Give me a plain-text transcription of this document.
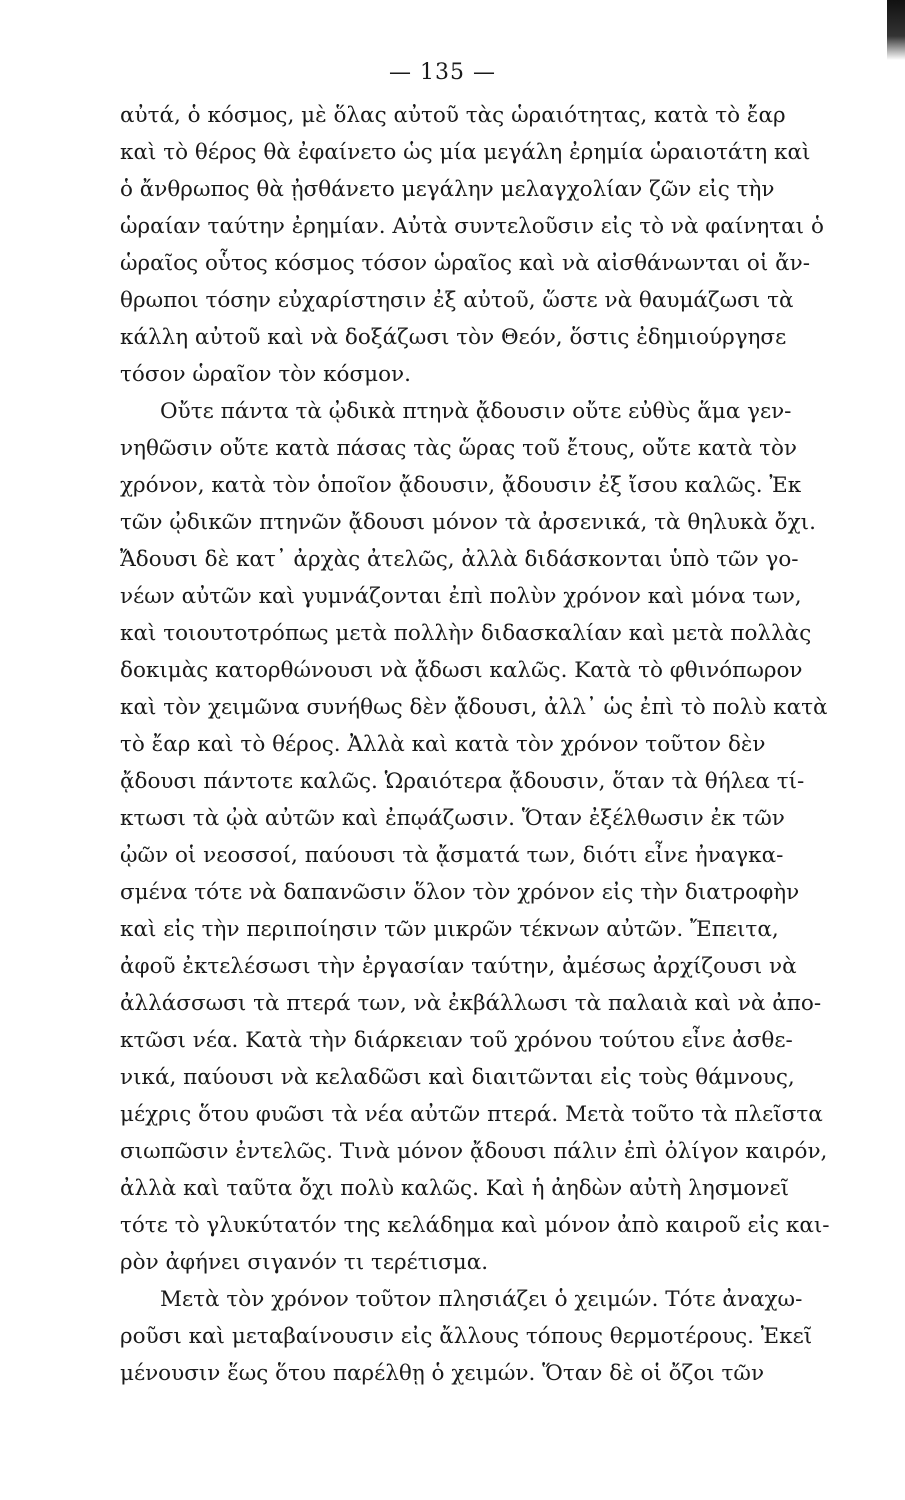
— 135 —
αὐτά, ὁ κόσμος, μὲ ὅλας αὐτοῦ τὰς ὡραιότητας, κατὰ τὸ ἔαρ
καὶ τὸ θέρος θὰ ἐφαίνετο ὡς μία μεγάλη ἐρημία ὡραιοτάτη καὶ
ὁ ἄνθρωπος θὰ ᾐσθάνετο μεγάλην μελαγχολίαν ζῶν εἰς τὴν
ὡραίαν ταύτην ἐρημίαν. Αὐτὰ συντελοῦσιν εἰς τὸ νὰ φαίνηται ὁ
ὡραῖος οὗτος κόσμος τόσον ὡραῖος καὶ νὰ αἰσθάνωνται οἱ ἄν-
θρωποι τόσην εὐχαρίστησιν ἐξ αὐτοῦ, ὥστε νὰ θαυμάζωσι τὰ
κάλλη αὐτοῦ καὶ νὰ δοξάζωσι τὸν Θεόν, ὅστις ἐδημιούργησε
τόσον ὡραῖον τὸν κόσμον.
Οὔτε πάντα τὰ ᾠδικὰ πτηνὰ ᾄδουσιν οὔτε εὐθὺς ἅμα γεν-
νηθῶσιν οὔτε κατὰ πάσας τὰς ὥρας τοῦ ἔτους, οὔτε κατὰ τὸν
χρόνον, κατὰ τὸν ὁποῖον ᾄδουσιν, ᾄδουσιν ἐξ ἴσου καλῶς. Ἐκ
τῶν ᾠδικῶν πτηνῶν ᾄδουσι μόνον τὰ ἀρσενικά, τὰ θηλυκὰ ὄχι.
Ἄδουσι δὲ κατ᾽ ἀρχὰς ἀτελῶς, ἀλλὰ διδάσκονται ὑπὸ τῶν γο-
νέων αὐτῶν καὶ γυμνάζονται ἐπὶ πολὺν χρόνον καὶ μόνα των,
καὶ τοιουτοτρόπως μετὰ πολλὴν διδασκαλίαν καὶ μετὰ πολλὰς
δοκιμὰς κατορθώνουσι νὰ ᾄδωσι καλῶς. Κατὰ τὸ φθινόπωρον
καὶ τὸν χειμῶνα συνήθως δὲν ᾄδουσι, ἀλλ᾽ ὡς ἐπὶ τὸ πολὺ κατὰ
τὸ ἔαρ καὶ τὸ θέρος. Ἀλλὰ καὶ κατὰ τὸν χρόνον τοῦτον δὲν
ᾄδουσι πάντοτε καλῶς. Ὡραιότερα ᾄδουσιν, ὅταν τὰ θήλεα τί-
κτωσι τὰ ᾠὰ αὐτῶν καὶ ἐπῳάζωσιν. Ὅταν ἐξέλθωσιν ἐκ τῶν
ᾠῶν οἱ νεοσσοί, παύουσι τὰ ᾄσματά των, διότι εἶνε ἠναγκα-
σμένα τότε νὰ δαπανῶσιν ὅλον τὸν χρόνον εἰς τὴν διατροφὴν
καὶ εἰς τὴν περιποίησιν τῶν μικρῶν τέκνων αὐτῶν. Ἔπειτα,
ἀφοῦ ἐκτελέσωσι τὴν ἐργασίαν ταύτην, ἀμέσως ἀρχίζουσι νὰ
ἀλλάσσωσι τὰ πτερά των, νὰ ἐκβάλλωσι τὰ παλαιὰ καὶ νὰ ἀπο-
κτῶσι νέα. Κατὰ τὴν διάρκειαν τοῦ χρόνου τούτου εἶνε ἀσθε-
νικά, παύουσι νὰ κελαδῶσι καὶ διαιτῶνται εἰς τοὺς θάμνους,
μέχρις ὅτου φυῶσι τὰ νέα αὐτῶν πτερά. Μετὰ τοῦτο τὰ πλεῖστα
σιωπῶσιν ἐντελῶς. Τινὰ μόνον ᾄδουσι πάλιν ἐπὶ ὀλίγον καιρόν,
ἀλλὰ καὶ ταῦτα ὄχι πολὺ καλῶς. Καὶ ἡ ἀηδὼν αὐτὴ λησμονεῖ
τότε τὸ γλυκύτατόν της κελάδημα καὶ μόνον ἀπὸ καιροῦ εἰς και-
ρὸν ἀφήνει σιγανόν τι τερέτισμα.
Μετὰ τὸν χρόνον τοῦτον πλησιάζει ὁ χειμών. Τότε ἀναχω-
ροῦσι καὶ μεταβαίνουσιν εἰς ἄλλους τόπους θερμοτέρους. Ἐκεῖ
μένουσιν ἕως ὅτου παρέλθῃ ὁ χειμών. Ὅταν δὲ οἱ ὄζοι τῶν
